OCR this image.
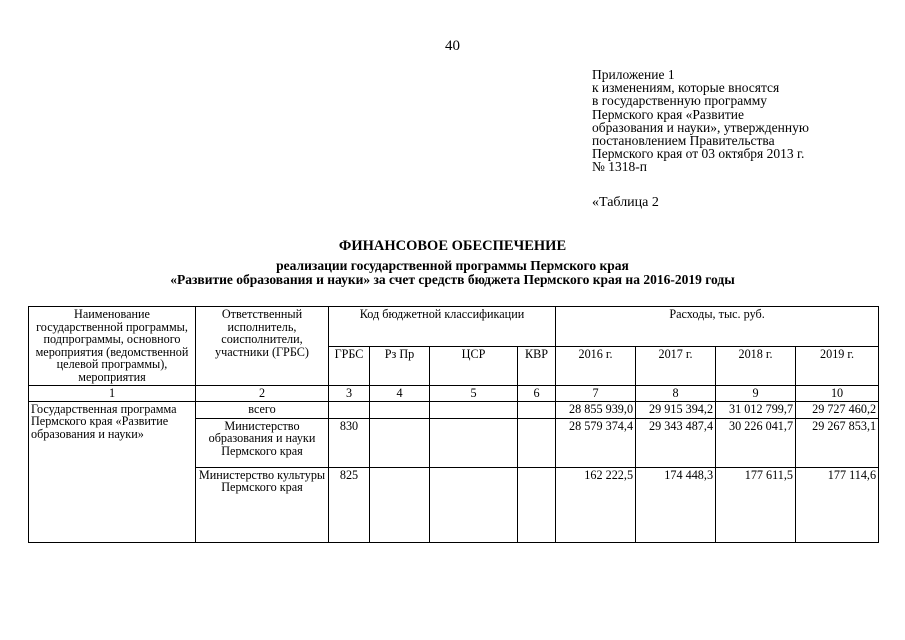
40
Приложение 1
к изменениям, которые вносятся
в государственную программу
Пермского края «Развитие
образования и науки», утвержденную
постановлением Правительства
Пермского края от 03 октября 2013 г.
№ 1318-п
«Таблица 2
ФИНАНСОВОЕ ОБЕСПЕЧЕНИЕ
реализации государственной программы Пермского края
«Развитие образования и науки» за счет средств бюджета Пермского края на 2016-2019 годы
Наименование государственной программы, подпрограммы, основного мероприятия (ведомственной целевой программы), мероприятия	Ответственный исполнитель, соисполнители, участники (ГРБС)	Код бюджетной классификации				Расходы, тыс. руб.			
		ГРБС	Рз Пр	ЦСР	КВР	2016 г.	2017 г.	2018 г.	2019 г.
1	2	3	4	5	6	7	8	9	10
Государственная программа Пермского края «Развитие образования и науки»	всего					28 855 939,0	29 915 394,2	31 012 799,7	29 727 460,2
	Министерство образования и науки Пермского края	830				28 579 374,4	29 343 487,4	30 226 041,7	29 267 853,1
	Министерство культуры Пермского края	825				162 222,5	174 448,3	177 611,5	177 114,6
